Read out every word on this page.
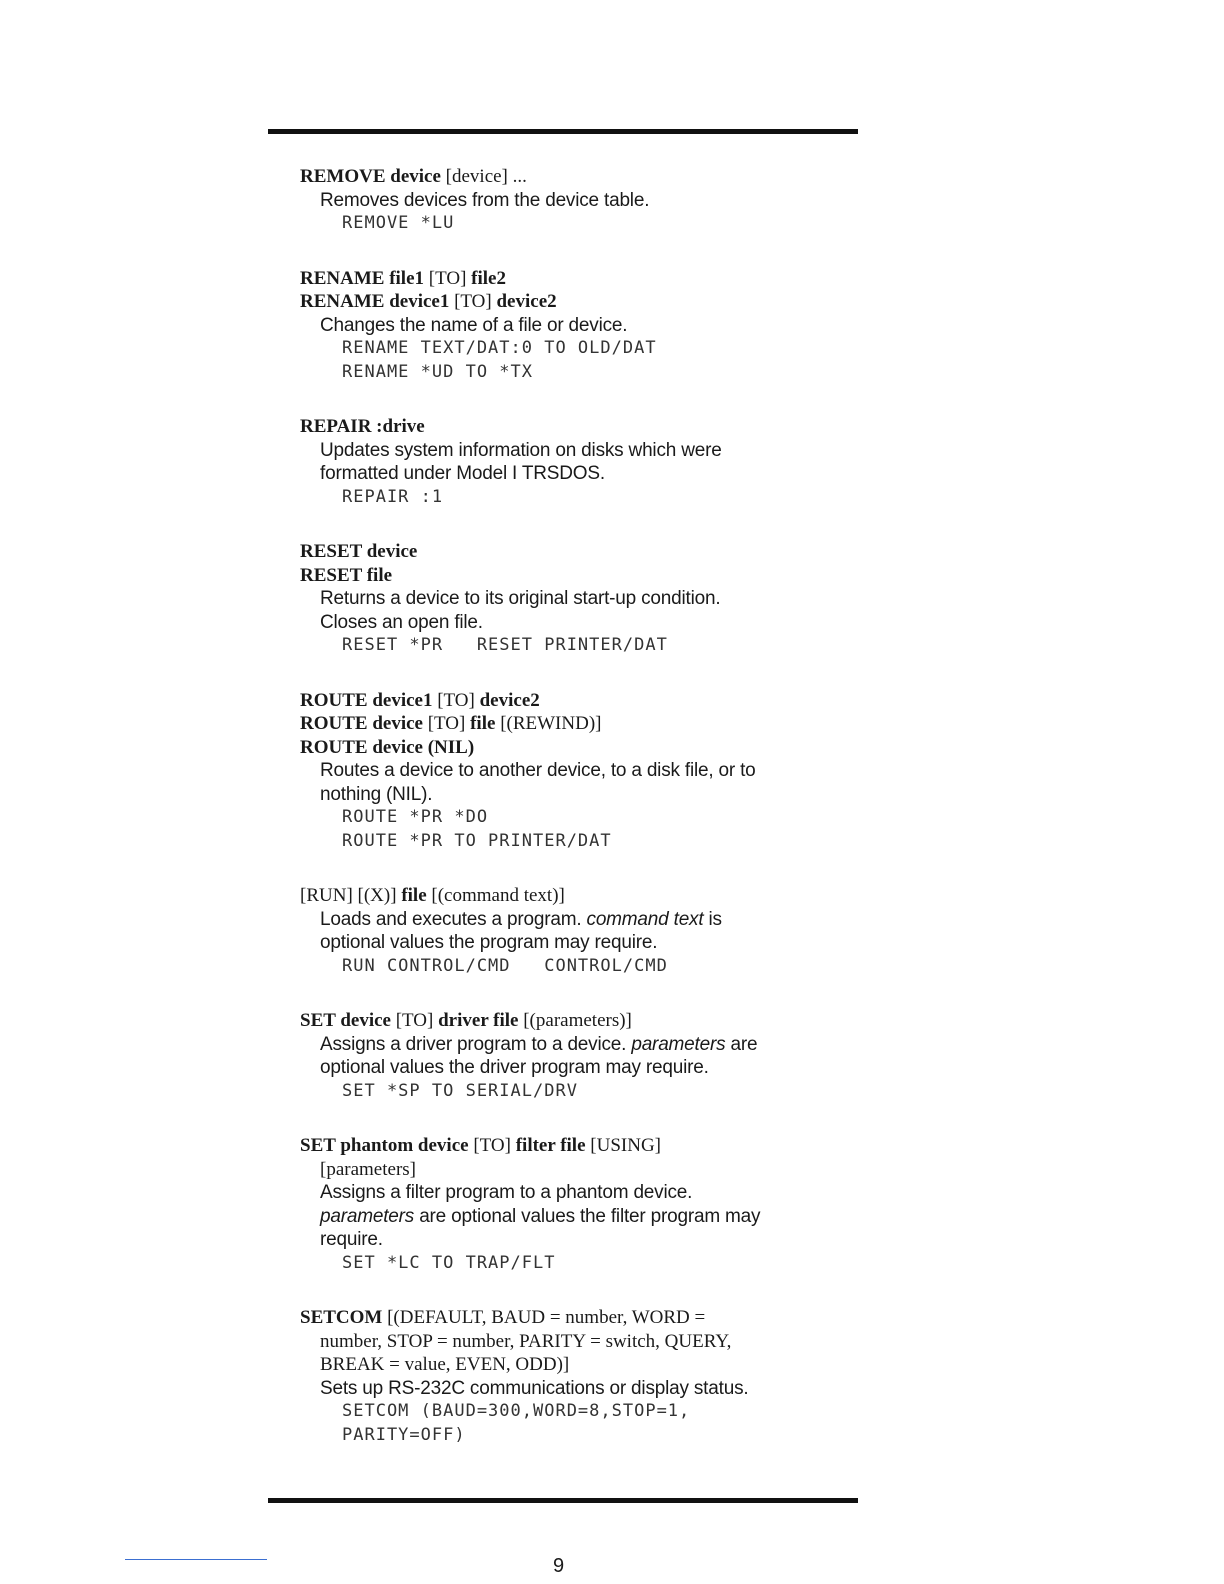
REMOVE device [device] ...
Removes devices from the device table.
REMOVE *LU
RENAME file1 [TO] file2
RENAME device1 [TO] device2
Changes the name of a file or device.
RENAME TEXT/DAT:0 TO OLD/DAT
RENAME *UD TO *TX
REPAIR :drive
Updates system information on disks which were
formatted under Model I TRSDOS.
REPAIR :1
RESET device
RESET file
Returns a device to its original start-up condition.
Closes an open file.
RESET *PR   RESET PRINTER/DAT
ROUTE device1 [TO] device2
ROUTE device [TO] file [(REWIND)]
ROUTE device (NIL)
Routes a device to another device, to a disk file, or to
nothing (NIL).
ROUTE *PR *DO
ROUTE *PR TO PRINTER/DAT
[RUN] [(X)] file [(command text)]
Loads and executes a program. command text is
optional values the program may require.
RUN CONTROL/CMD   CONTROL/CMD
SET device [TO] driver file [(parameters)]
Assigns a driver program to a device. parameters are
optional values the driver program may require.
SET *SP TO SERIAL/DRV
SET phantom device [TO] filter file [USING]
[parameters]
Assigns a filter program to a phantom device.
parameters are optional values the filter program may
require.
SET *LC TO TRAP/FLT
SETCOM [(DEFAULT, BAUD = number, WORD =
number, STOP = number, PARITY = switch, QUERY,
BREAK = value, EVEN, ODD)]
Sets up RS-232C communications or display status.
SETCOM (BAUD=300,WORD=8,STOP=1,
PARITY=OFF)
9
